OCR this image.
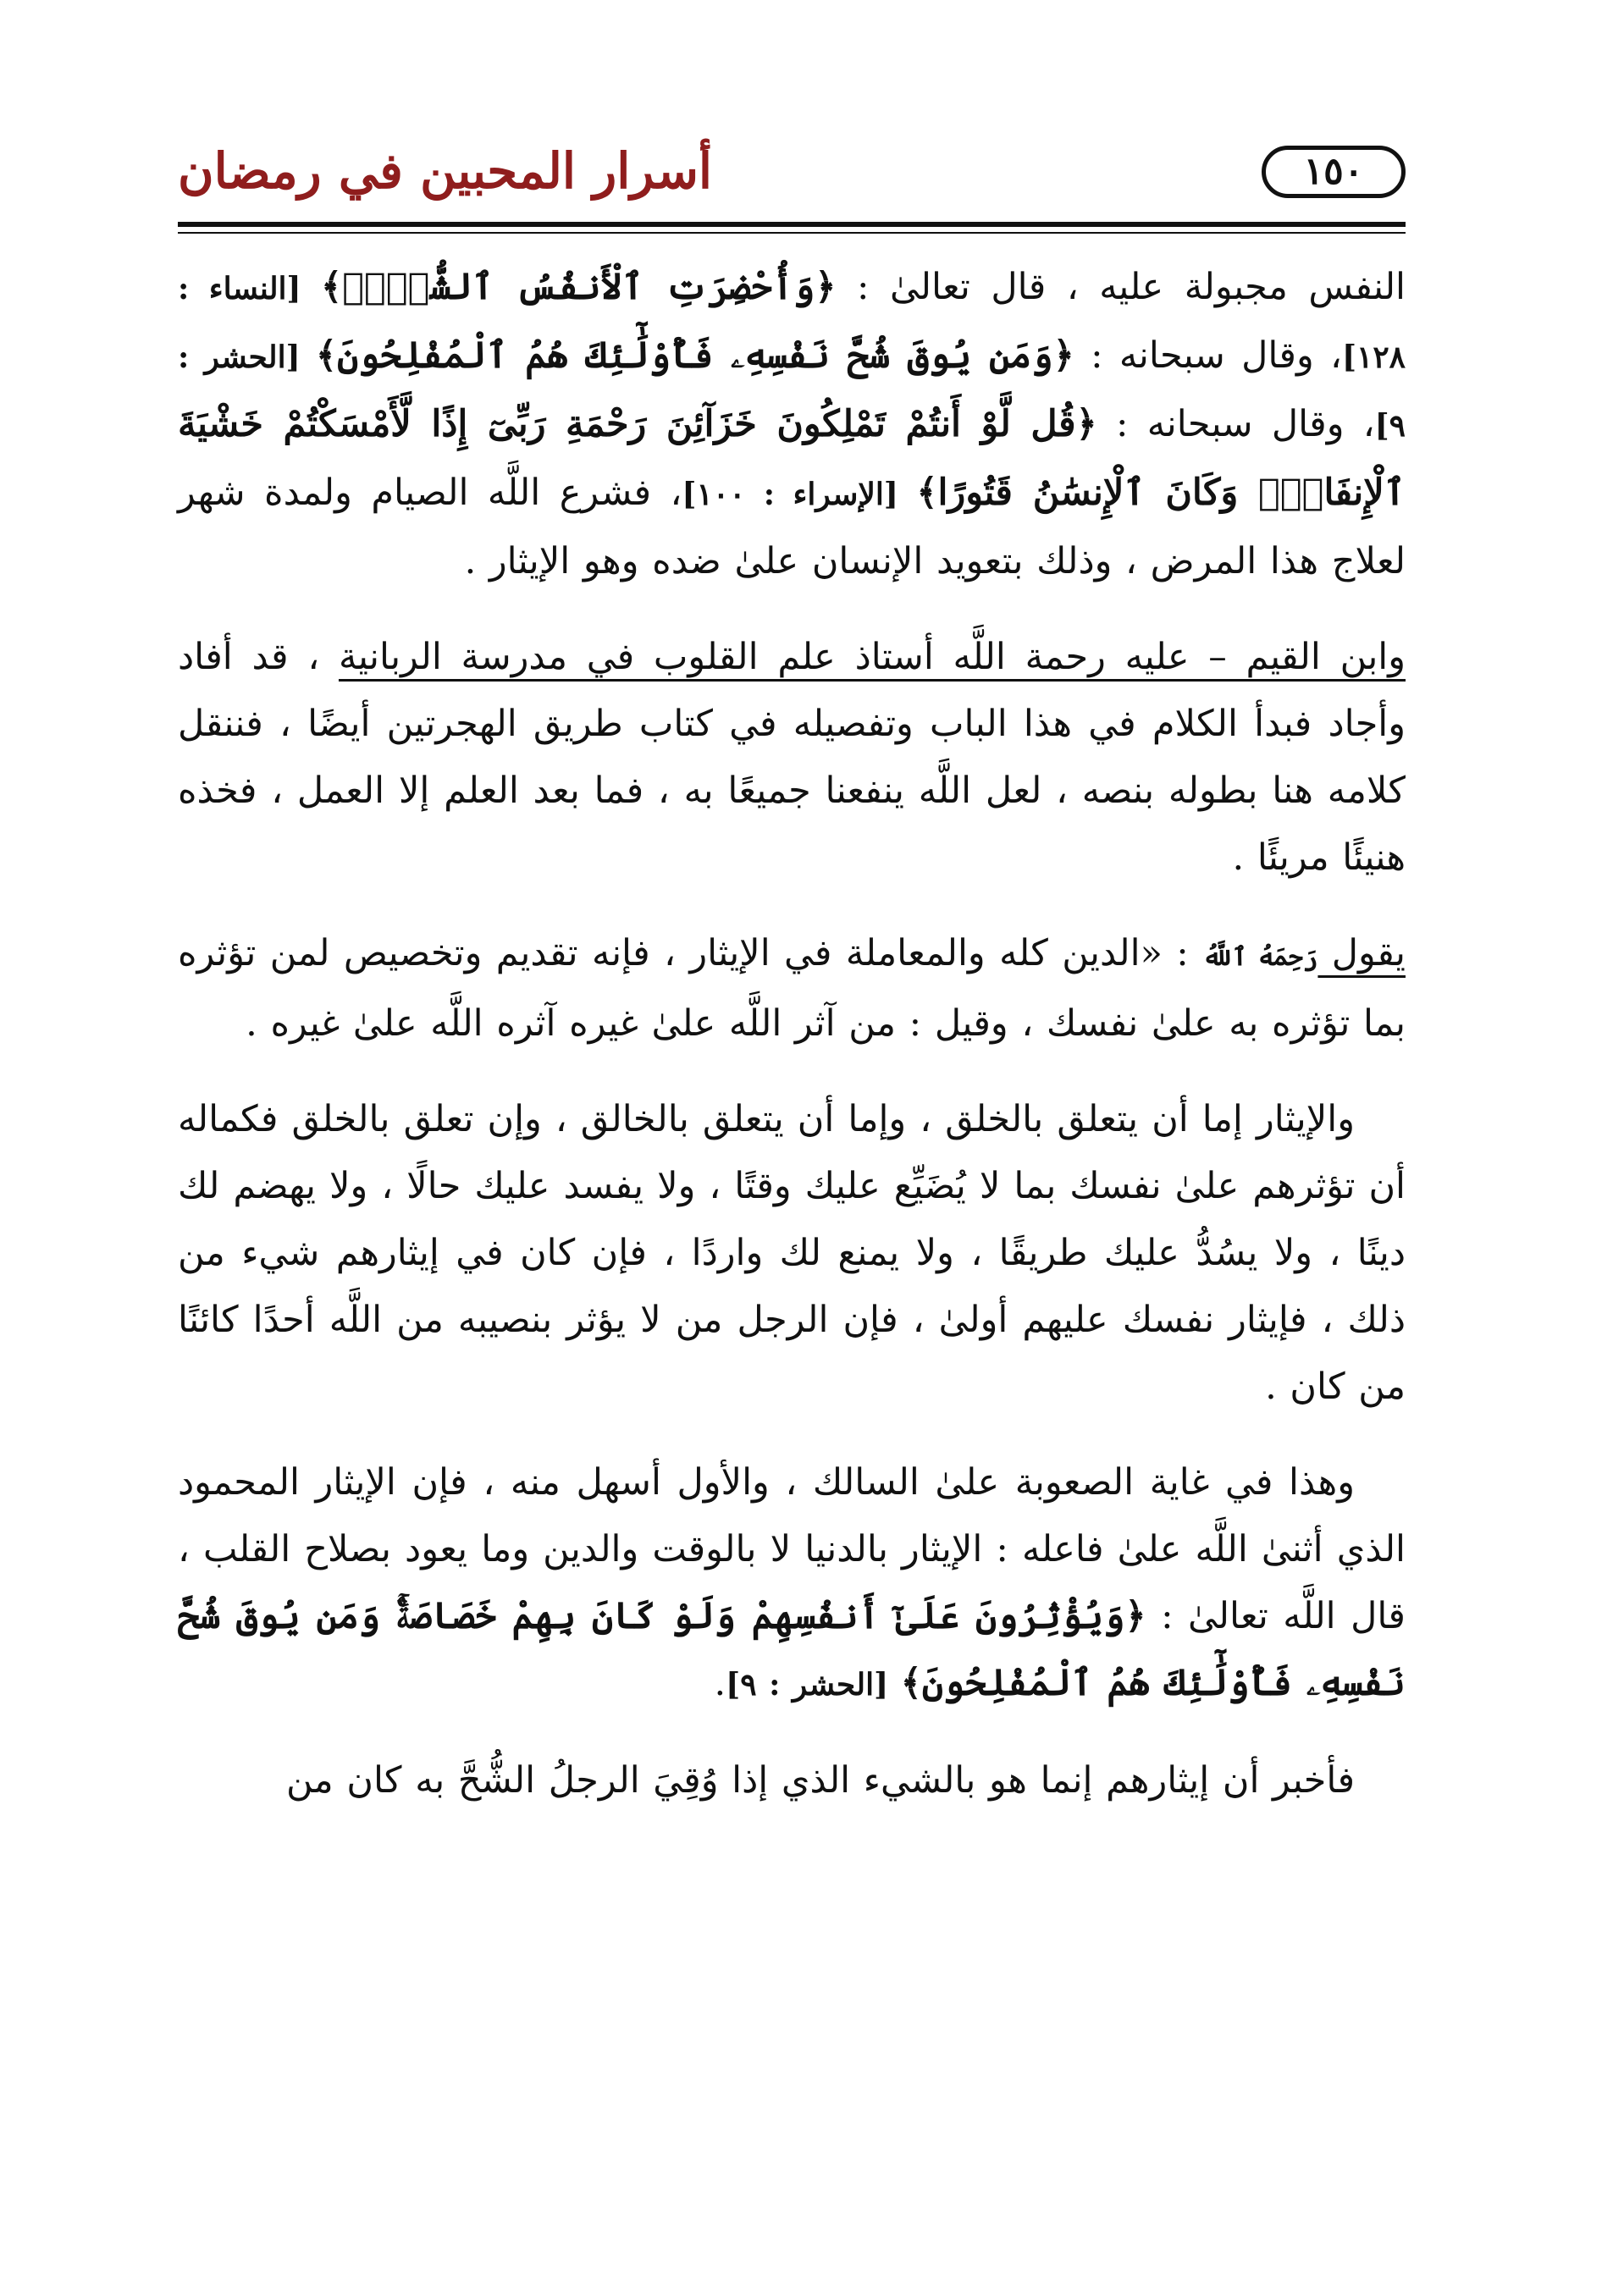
١٥٠
أسرار المحبين في رمضان

النفس مجبولة عليه ، قال تعالىٰ : ﴿وَأُحْضِرَتِ ٱلْأَنفُسُ ٱلشُّحَّۚ﴾ [النساء : ١٢٨]، وقال سبحانه : ﴿وَمَن يُوقَ شُحَّ نَفْسِهِۦ فَأُوْلَٰٓئِكَ هُمُ ٱلْمُفْلِحُونَ﴾ [الحشر : ٩]، وقال سبحانه : ﴿قُل لَّوْ أَنتُمْ تَمْلِكُونَ خَزَآئِنَ رَحْمَةِ رَبِّىٓ إِذًا لَّأَمْسَكْتُمْ خَشْيَةَ ٱلْإِنفَاقِۚ وَكَانَ ٱلْإِنسَٰنُ قَتُورًا﴾ [الإسراء : ١٠٠]، فشرع اللَّه الصيام ولمدة شهر لعلاج هذا المرض ، وذلك بتعويد الإنسان علىٰ ضده وهو الإيثار .

وابن القيم – عليه رحمة اللَّه أستاذ علم القلوب في مدرسة الربانية ، قد أفاد وأجاد فبدأ الكلام في هذا الباب وتفصيله في كتاب طريق الهجرتين أيضًا ، فننقل كلامه هنا بطوله بنصه ، لعل اللَّه ينفعنا جميعًا به ، فما بعد العلم إلا العمل ، فخذه هنيئًا مريئًا .

يقول رَحِمَهُ ٱللَّهُ : «الدين كله والمعاملة في الإيثار ، فإنه تقديم وتخصيص لمن تؤثره بما تؤثره به علىٰ نفسك ، وقيل : من آثر اللَّه علىٰ غيره آثره اللَّه علىٰ غيره .

والإيثار إما أن يتعلق بالخلق ، وإما أن يتعلق بالخالق ، وإن تعلق بالخلق فكماله أن تؤثرهم علىٰ نفسك بما لا يُضَيِّع عليك وقتًا ، ولا يفسد عليك حالًا ، ولا يهضم لك دينًا ، ولا يسُدُّ عليك طريقًا ، ولا يمنع لك واردًا ، فإن كان في إيثارهم شيء من ذلك ، فإيثار نفسك عليهم أولىٰ ، فإن الرجل من لا يؤثر بنصيبه من اللَّه أحدًا كائنًا من كان .

وهذا في غاية الصعوبة علىٰ السالك ، والأول أسهل منه ، فإن الإيثار المحمود الذي أثنىٰ اللَّه علىٰ فاعله : الإيثار بالدنيا لا بالوقت والدين وما يعود بصلاح القلب ، قال اللَّه تعالىٰ : ﴿وَيُؤْثِرُونَ عَلَىٰٓ أَنفُسِهِمْ وَلَوْ كَانَ بِهِمْ خَصَاصَةٌۚ وَمَن يُوقَ شُحَّ نَفْسِهِۦ فَأُوْلَٰٓئِكَ هُمُ ٱلْمُفْلِحُونَ﴾ [الحشر : ٩].

فأخبر أن إيثارهم إنما هو بالشيء الذي إذا وُقِيَ الرجلُ الشُّحَّ به كان من
